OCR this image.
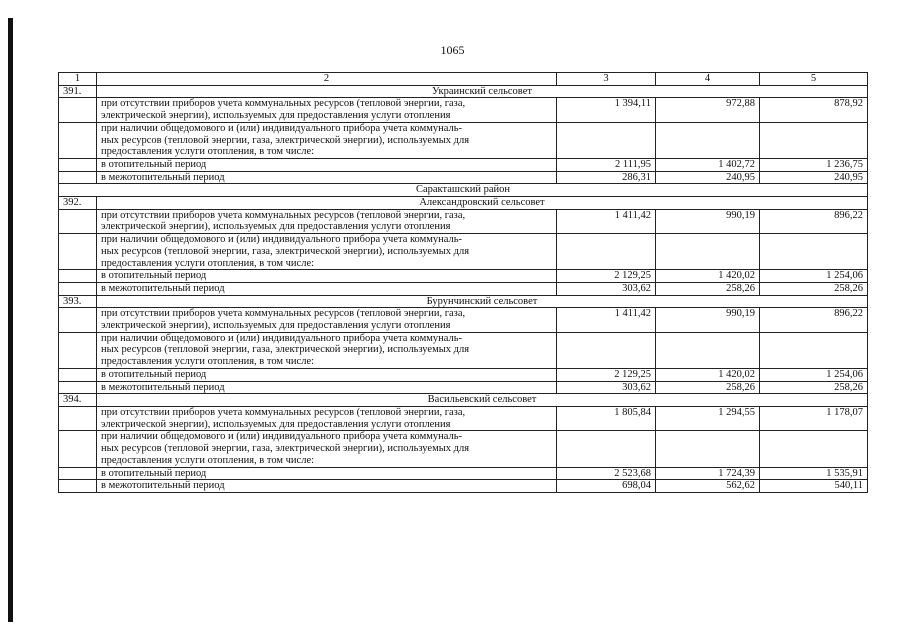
1065
1	2	3	4	5
391.	Украинский сельсовет			

	при отсутствии приборов учета коммунальных ресурсов (тепловой энергии, газа,
электрической энергии), используемых для предоставления услуги отопления	1 394,11	972,88	878,92

	при наличии общедомового и (или) индивидуального прибора учета коммуналь-
ных ресурсов (тепловой энергии, газа, электрической энергии), используемых для
предоставления услуги отопления, в том числе:			

	в отопительный период	2 111,95	1 402,72	1 236,75

	в межотопительный период	286,31	240,95	240,95
Саракташский район				
392.	Александровский сельсовет			

	при отсутствии приборов учета коммунальных ресурсов (тепловой энергии, газа,
электрической энергии), используемых для предоставления услуги отопления	1 411,42	990,19	896,22

	при наличии общедомового и (или) индивидуального прибора учета коммуналь-
ных ресурсов (тепловой энергии, газа, электрической энергии), используемых для
предоставления услуги отопления, в том числе:			

	в отопительный период	2 129,25	1 420,02	1 254,06

	в межотопительный период	303,62	258,26	258,26
393.	Бурунчинский сельсовет			

	при отсутствии приборов учета коммунальных ресурсов (тепловой энергии, газа,
электрической энергии), используемых для предоставления услуги отопления	1 411,42	990,19	896,22

	при наличии общедомового и (или) индивидуального прибора учета коммуналь-
ных ресурсов (тепловой энергии, газа, электрической энергии), используемых для
предоставления услуги отопления, в том числе:			

	в отопительный период	2 129,25	1 420,02	1 254,06

	в межотопительный период	303,62	258,26	258,26
394.	Васильевский сельсовет			

	при отсутствии приборов учета коммунальных ресурсов (тепловой энергии, газа,
электрической энергии), используемых для предоставления услуги отопления	1 805,84	1 294,55	1 178,07

	при наличии общедомового и (или) индивидуального прибора учета коммуналь-
ных ресурсов (тепловой энергии, газа, электрической энергии), используемых для
предоставления услуги отопления, в том числе:			

	в отопительный период	2 523,68	1 724,39	1 535,91

	в межотопительный период	698,04	562,62	540,11
